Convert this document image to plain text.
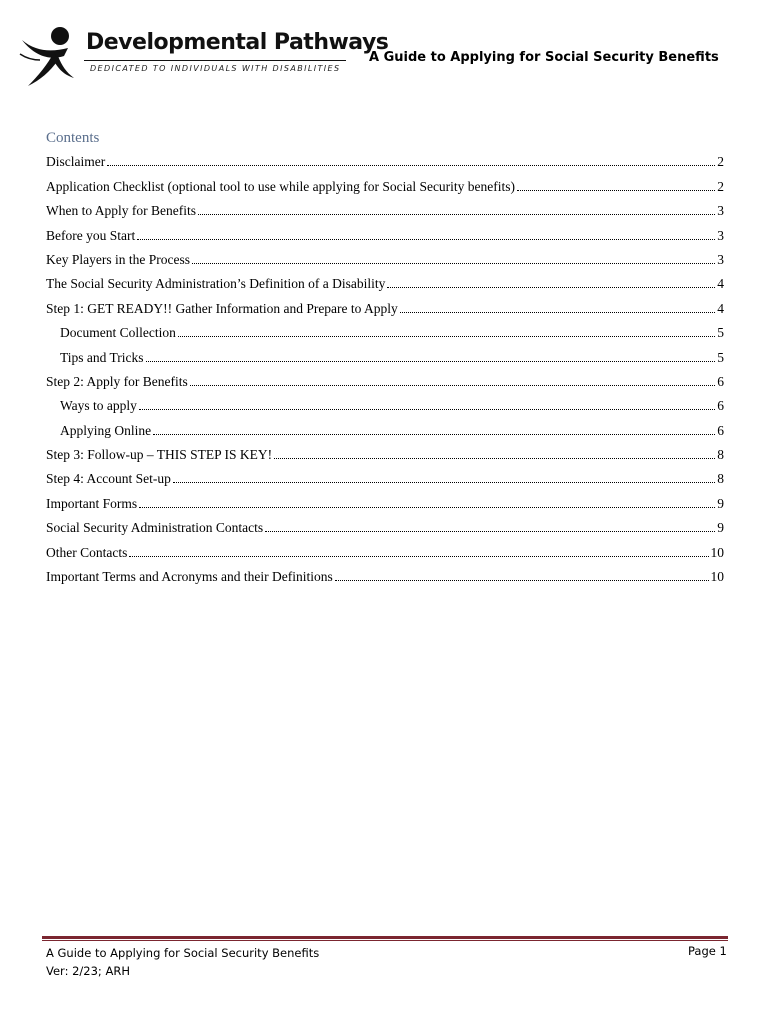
Developmental Pathways
DEDICATED TO INDIVIDUALS WITH DISABILITIES
A Guide to Applying for Social Security Benefits
Contents
Disclaimer	2
Application Checklist (optional tool to use while applying for Social Security benefits)	2
When to Apply for Benefits	3
Before you Start	3
Key Players in the Process	3
The Social Security Administration’s Definition of a Disability	4
Step 1: GET READY!! Gather Information and Prepare to Apply	4
Document Collection	5
Tips and Tricks	5
Step 2: Apply for Benefits	6
Ways to apply	6
Applying Online	6
Step 3: Follow-up – THIS STEP IS KEY!	8
Step 4: Account Set-up	8
Important Forms	9
Social Security Administration Contacts	9
Other Contacts	10
Important Terms and Acronyms and their Definitions	10
A Guide to Applying for Social Security Benefits
Ver: 2/23; ARH
Page 1
